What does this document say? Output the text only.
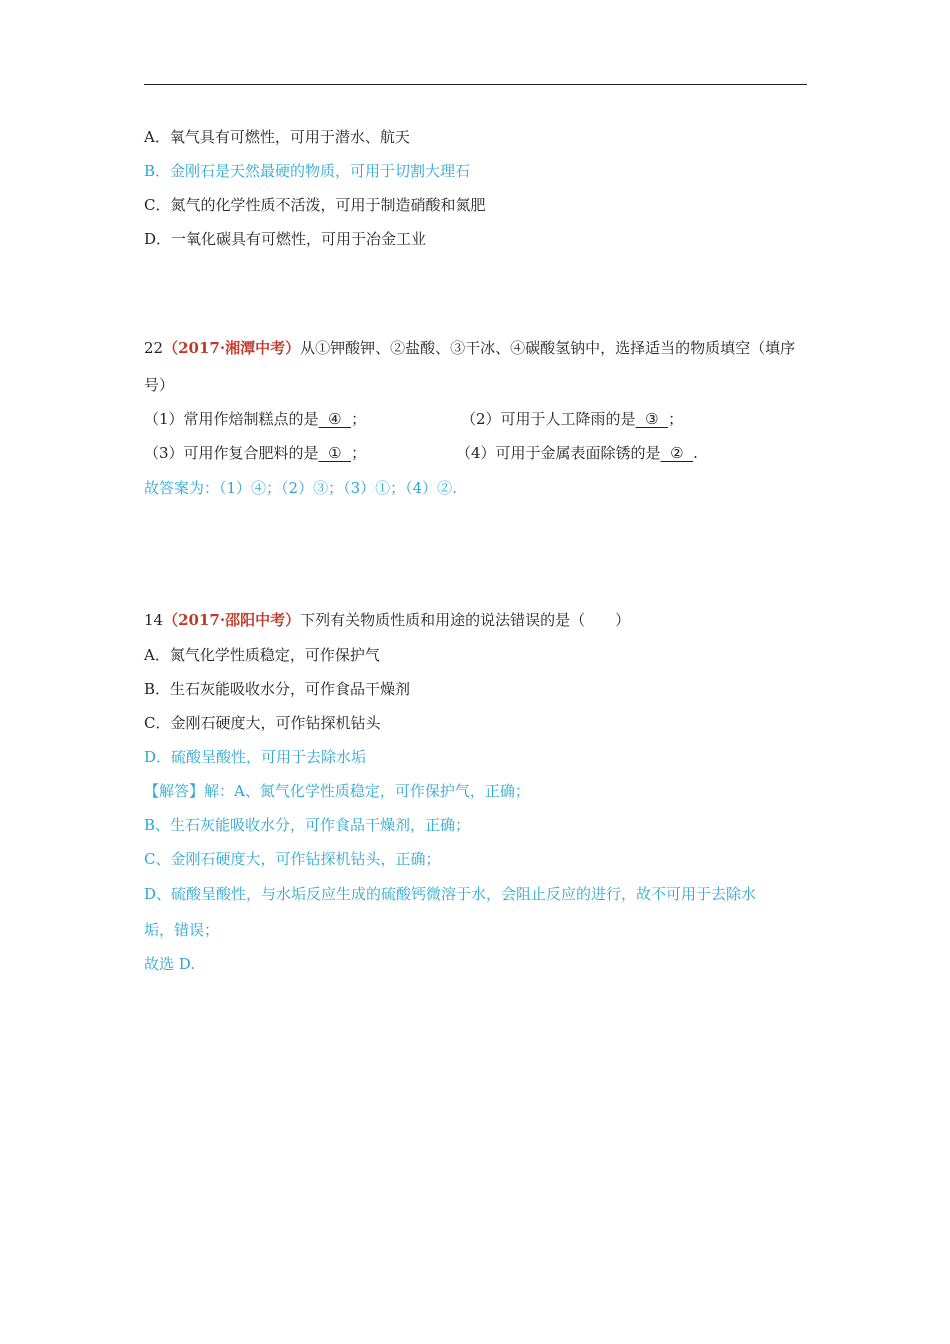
A．氧气具有可燃性，可用于潜水、航天
B．金刚石是天然最硬的物质，可用于切割大理石
C．氮气的化学性质不活泼，可用于制造硝酸和氮肥
D．一氧化碳具有可燃性，可用于冶金工业
22（2017·湘潭中考）从①钾酸钾、②盐酸、③干冰、④碳酸氢钠中，选择适当的物质填空（填序
号）
（1）常用作焙制糕点的是  ④  ；	（2）可用于人工降雨的是  ③  ；
（3）可用作复合肥料的是  ①  ；	（4）可用于金属表面除锈的是  ②  .
故答案为：（1）④；（2）③；（3）①；（4）②.
14（2017·邵阳中考）下列有关物质性质和用途的说法错误的是（　　）
A．氮气化学性质稳定，可作保护气
B．生石灰能吸收水分，可作食品干燥剂
C．金刚石硬度大，可作钻探机钻头
D．硫酸呈酸性，可用于去除水垢
【解答】解：A、氮气化学性质稳定，可作保护气，正确；
B、生石灰能吸收水分，可作食品干燥剂，正确；
C、金刚石硬度大，可作钻探机钻头，正确；
D、硫酸呈酸性，与水垢反应生成的硫酸钙微溶于水，会阻止反应的进行，故不可用于去除水
垢，错误；
故选 D.
